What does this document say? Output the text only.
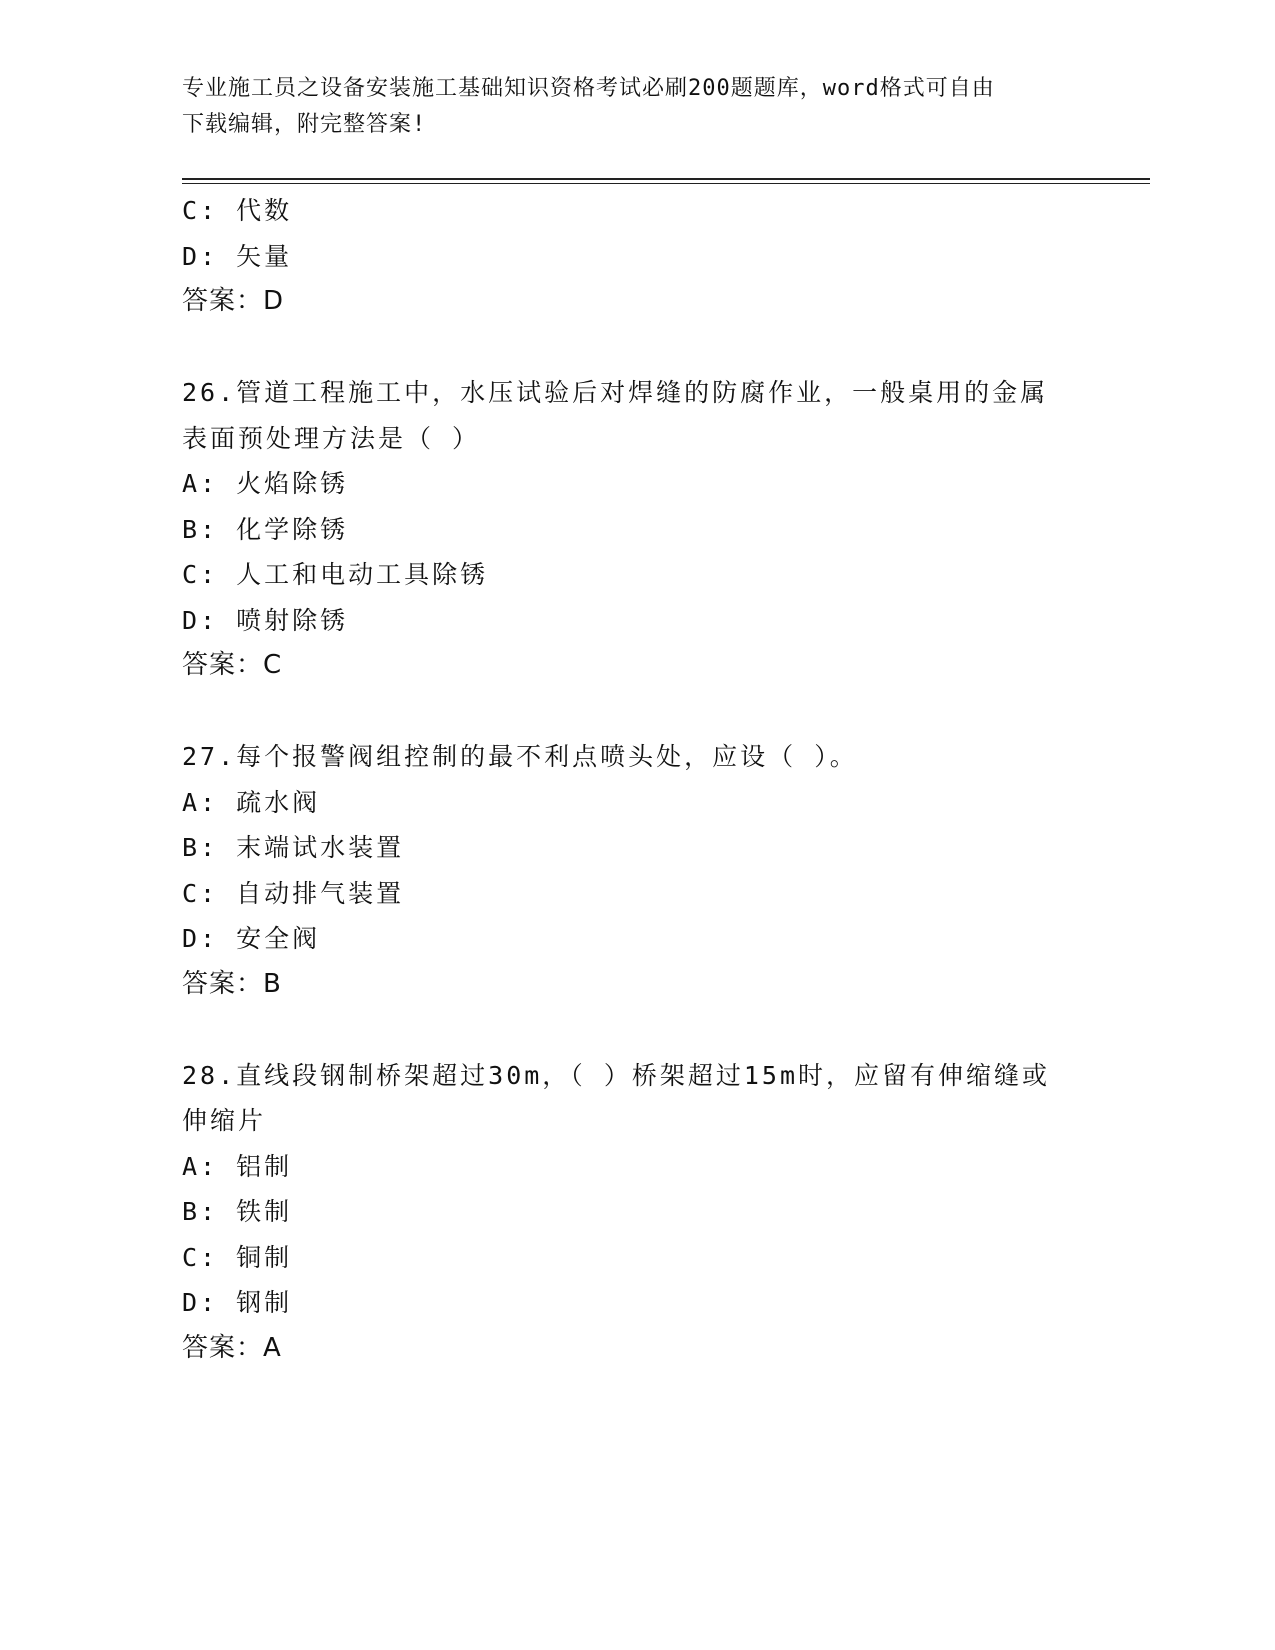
专业施工员之设备安装施工基础知识资格考试必刷200题题库，word格式可自由
下载编辑，附完整答案!
C: 代数
D: 矢量
答案：D
26.管道工程施工中，水压试验后对焊缝的防腐作业，一般桌用的金属
表面预处理方法是（ ）
A: 火焰除锈
B: 化学除锈
C: 人工和电动工具除锈
D: 喷射除锈
答案：C
27.每个报警阀组控制的最不利点喷头处，应设（ ）。
A: 疏水阀
B: 末端试水装置
C: 自动排气装置
D: 安全阀
答案：B
28.直线段钢制桥架超过30m，（ ）桥架超过15m时，应留有伸缩缝或
伸缩片
A: 铝制
B: 铁制
C: 铜制
D: 钢制
答案：A
